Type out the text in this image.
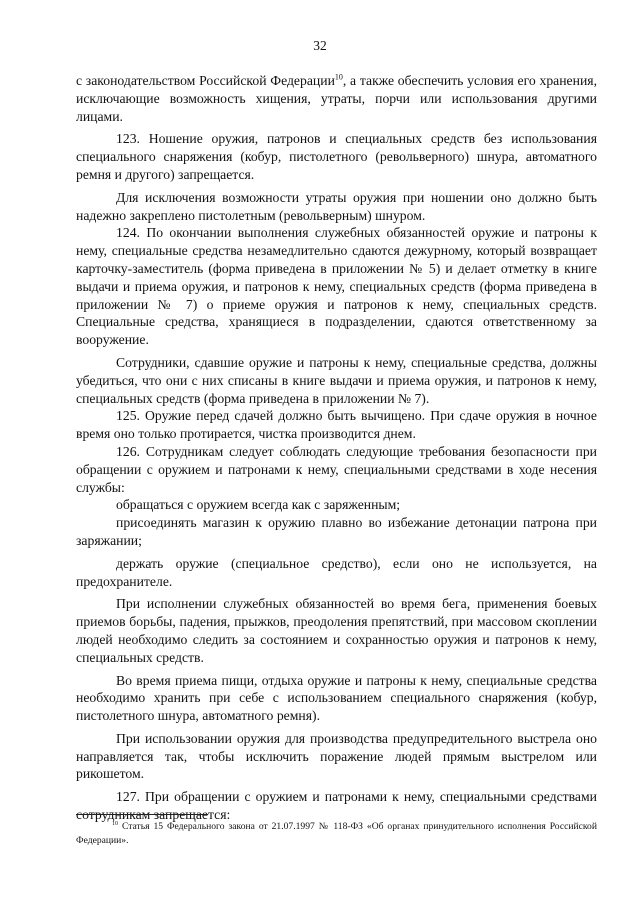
32

с законодательством Российской Федерации$^{10}$, а также обеспечить условия его хранения, исключающие возможность хищения, утраты, порчи или использования другими лицами.

123. Ношение оружия, патронов и специальных средств без использования специального снаряжения (кобур, пистолетного (револьверного) шнура, автоматного ремня и другого) запрещается.

Для исключения возможности утраты оружия при ношении оно должно быть надежно закреплено пистолетным (револьверным) шнуром.

124. По окончании выполнения служебных обязанностей оружие и патроны к нему, специальные средства незамедлительно сдаются дежурному, который возвращает карточку-заместитель (форма приведена в приложении № 5) и делает отметку в книге выдачи и приема оружия, и патронов к нему, специальных средств (форма приведена в приложении № 7) о приеме оружия и патронов к нему, специальных средств. Специальные средства, хранящиеся в подразделении, сдаются ответственному за вооружение.

Сотрудники, сдавшие оружие и патроны к нему, специальные средства, должны убедиться, что они с них списаны в книге выдачи и приема оружия, и патронов к нему, специальных средств (форма приведена в приложении № 7).

125. Оружие перед сдачей должно быть вычищено. При сдаче оружия в ночное время оно только протирается, чистка производится днем.

126. Сотрудникам следует соблюдать следующие требования безопасности при обращении с оружием и патронами к нему, специальными средствами в ходе несения службы:

обращаться с оружием всегда как с заряженным;

присоединять магазин к оружию плавно во избежание детонации патрона при заряжании;

держать оружие (специальное средство), если оно не используется, на предохранителе.

При исполнении служебных обязанностей во время бега, применения боевых приемов борьбы, падения, прыжков, преодоления препятствий, при массовом скоплении людей необходимо следить за состоянием и сохранностью оружия и патронов к нему, специальных средств.

Во время приема пищи, отдыха оружие и патроны к нему, специальные средства необходимо хранить при себе с использованием специального снаряжения (кобур, пистолетного шнура, автоматного ремня).

При использовании оружия для производства предупредительного выстрела оно направляется так, чтобы исключить поражение людей прямым выстрелом или рикошетом.

127. При обращении с оружием и патронами к нему, специальными средствами сотрудникам запрещается:

$^{10}$ Статья 15 Федерального закона от 21.07.1997 № 118-ФЗ «Об органах принудительного исполнения Российской Федерации».
